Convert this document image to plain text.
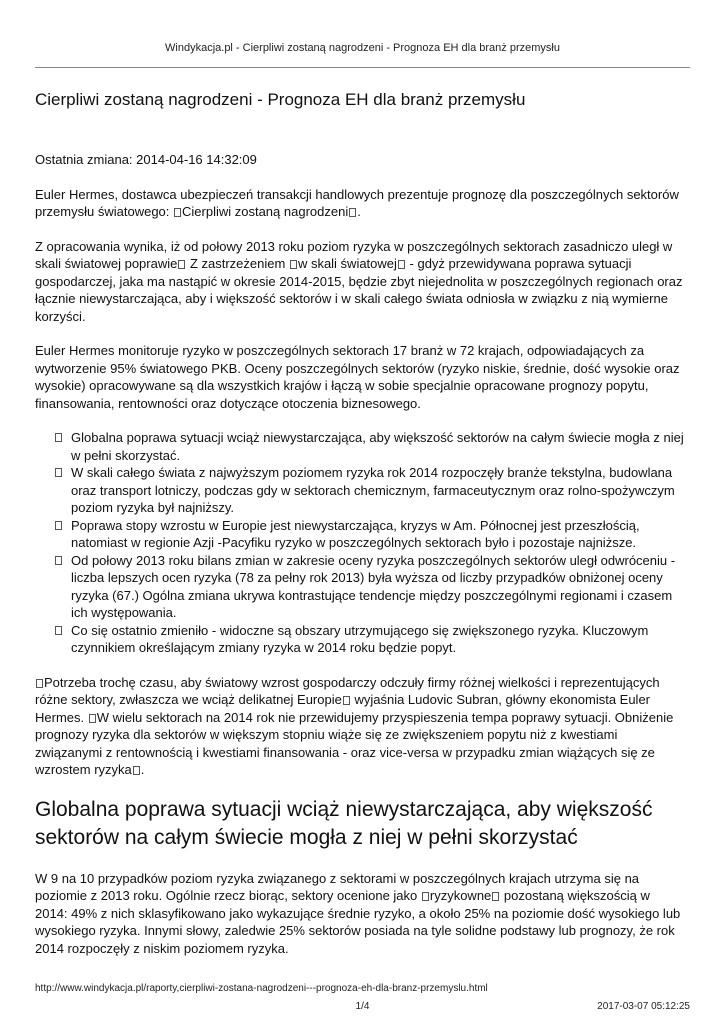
Windykacja.pl - Cierpliwi zostaną nagrodzeni - Prognoza EH dla branż przemysłu
Cierpliwi zostaną nagrodzeni - Prognoza EH dla branż przemysłu

Ostatnia zmiana: 2014-04-16 14:32:09

Euler Hermes, dostawca ubezpieczeń transakcji handlowych prezentuje prognozę dla poszczególnych sektorów przemysłu światowego: Cierpliwi zostaną nagrodzeni .

Z opracowania wynika, iż od połowy 2013 roku poziom ryzyka w poszczególnych sektorach zasadniczo uległ w skali światowej poprawie Z zastrzeżeniem w skali światowej - gdyż przewidywana poprawa sytuacji gospodarczej, jaka ma nastąpić w okresie 2014-2015, będzie zbyt niejednolita w poszczególnych regionach oraz łącznie niewystarczająca, aby i większość sektorów i w skali całego świata odniosła w związku z nią wymierne korzyści.

Euler Hermes monitoruje ryzyko w poszczególnych sektorach 17 branż w 72 krajach, odpowiadających za wytworzenie 95% światowego PKB. Oceny poszczególnych sektorów (ryzyko niskie, średnie, dość wysokie oraz wysokie) opracowywane są dla wszystkich krajów i łączą w sobie specjalnie opracowane prognozy popytu, finansowania, rentowności oraz dotyczące otoczenia biznesowego.

Globalna poprawa sytuacji wciąż niewystarczająca, aby większość sektorów na całym świecie mogła z niej w pełni skorzystać.
W skali całego świata z najwyższym poziomem ryzyka rok 2014 rozpoczęły branże tekstylna, budowlana oraz transport lotniczy, podczas gdy w sektorach chemicznym, farmaceutycznym oraz rolno-spożywczym poziom ryzyka był najniższy.
Poprawa stopy wzrostu w Europie jest niewystarczająca, kryzys w Am. Północnej jest przeszłością, natomiast w regionie Azji -Pacyfiku ryzyko w poszczególnych sektorach było i pozostaje najniższe.
Od połowy 2013 roku bilans zmian w zakresie oceny ryzyka poszczególnych sektorów uległ odwróceniu - liczba lepszych ocen ryzyka (78 za pełny rok 2013) była wyższa od liczby przypadków obniżonej oceny ryzyka (67.) Ogólna zmiana ukrywa kontrastujące tendencje między poszczególnymi regionami i czasem ich występowania.
Co się ostatnio zmieniło - widoczne są obszary utrzymującego się zwiększonego ryzyka. Kluczowym czynnikiem określającym zmiany ryzyka w 2014 roku będzie popyt.

Potrzeba trochę czasu, aby światowy wzrost gospodarczy odczuły firmy różnej wielkości i reprezentujących różne sektory, zwłaszcza we wciąż delikatnej Europie wyjaśnia Ludovic Subran, główny ekonomista Euler Hermes. W wielu sektorach na 2014 rok nie przewidujemy przyspieszenia tempa poprawy sytuacji. Obniżenie prognozy ryzyka dla sektorów w większym stopniu wiąże się ze zwiększeniem popytu niż z kwestiami związanymi z rentownością i kwestiami finansowania - oraz vice-versa w przypadku zmian wiążących się ze wzrostem ryzyka .

Globalna poprawa sytuacji wciąż niewystarczająca, aby większość sektorów na całym świecie mogła z niej w pełni skorzystać

W 9 na 10 przypadków poziom ryzyka związanego z sektorami w poszczególnych krajach utrzyma się na poziomie z 2013 roku. Ogólnie rzecz biorąc, sektory ocenione jako ryzykowne pozostaną większością w 2014: 49% z nich sklasyfikowano jako wykazujące średnie ryzyko, a około 25% na poziomie dość wysokiego lub wysokiego ryzyka. Innymi słowy, zaledwie 25% sektorów posiada na tyle solidne podstawy lub prognozy, że rok 2014 rozpoczęły z niskim poziomem ryzyka.

http://www.windykacja.pl/raporty,cierpliwi-zostana-nagrodzeni---prognoza-eh-dla-branz-przemyslu.html
1/4	2017-03-07 05:12:25
